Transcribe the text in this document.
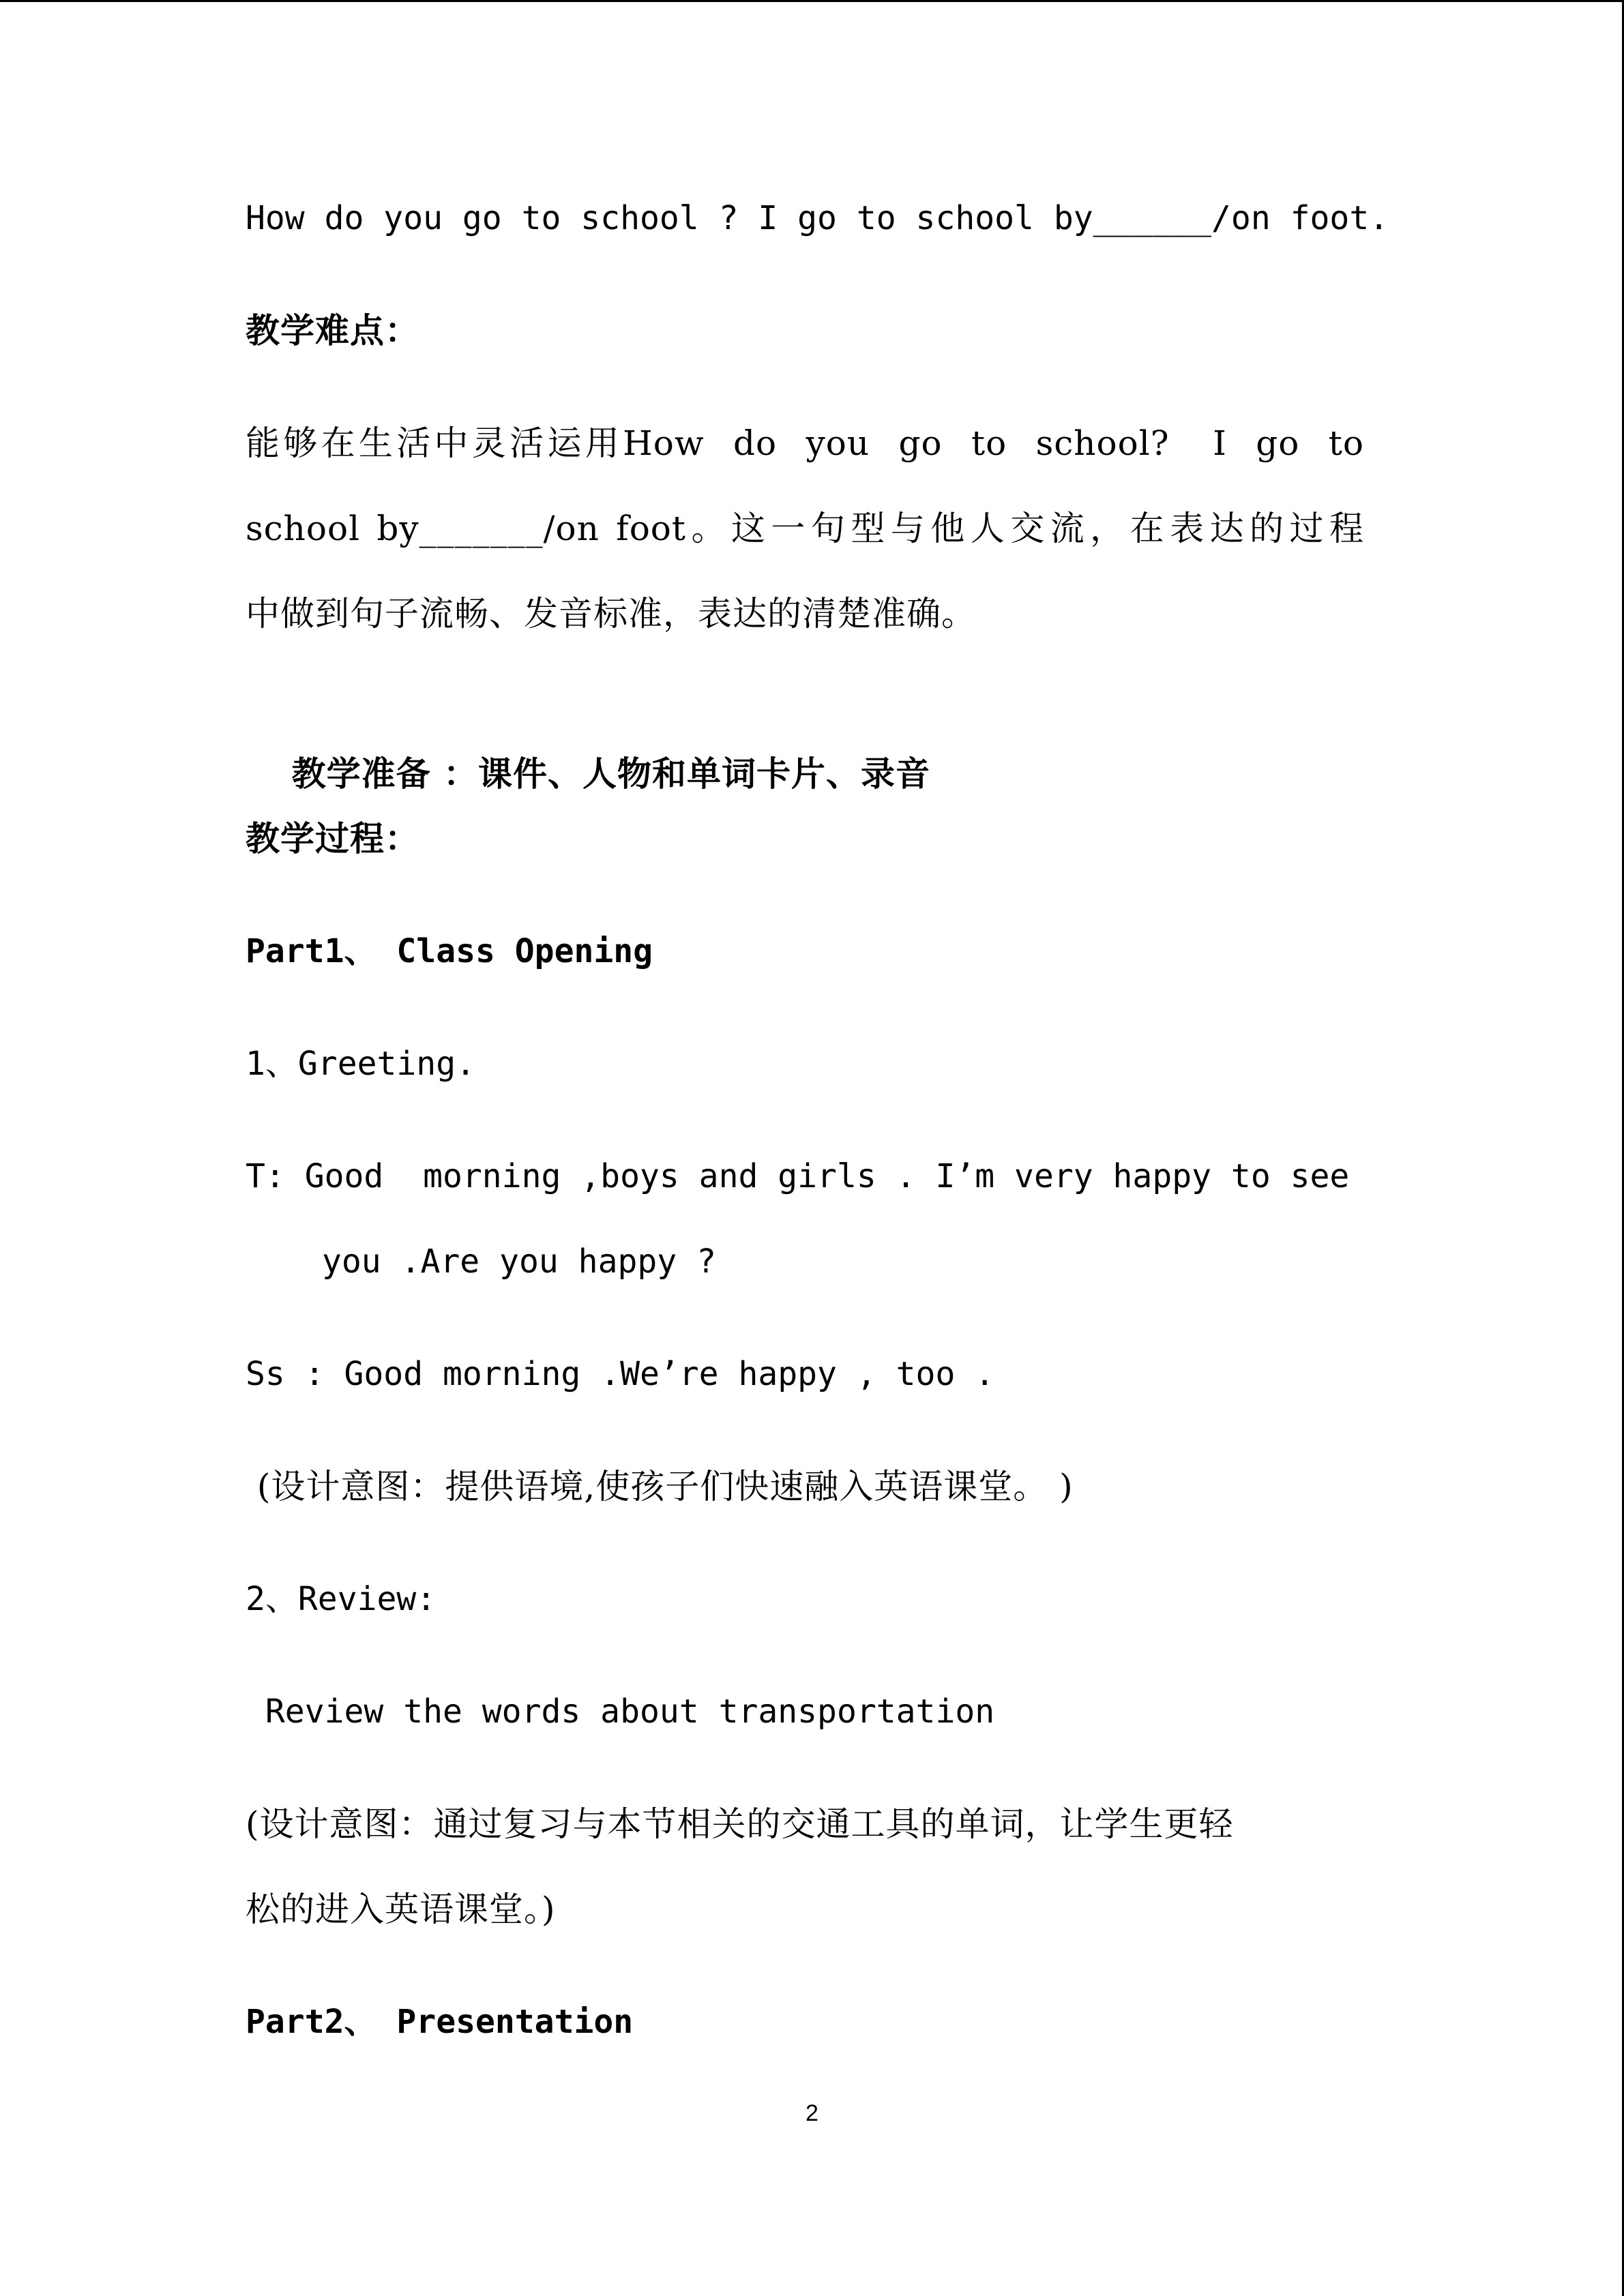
How do you go to school ? I go to school by______/on foot.
教学难点：
能够在生活中灵活运用How  do  you  go  to  school?   I  go  to
school by_______/on foot。这一句型与他人交流，在表达的过程
中做到句子流畅、发音标准，表达的清楚准确。

教学准备 ：课件、人物和单词卡片、录音

教学过程：
Part1、 Class Opening
1、Greeting.
T: Good  morning ,boys and girls . I’m very happy to see
you .Are you happy ?
Ss : Good morning .We’re happy , too .
(设计意图：提供语境,使孩子们快速融入英语课堂。 )
2、Review:
Review the words about transportation
(设计意图：通过复习与本节相关的交通工具的单词，让学生更轻
松的进入英语课堂。)
Part2、 Presentation
2
